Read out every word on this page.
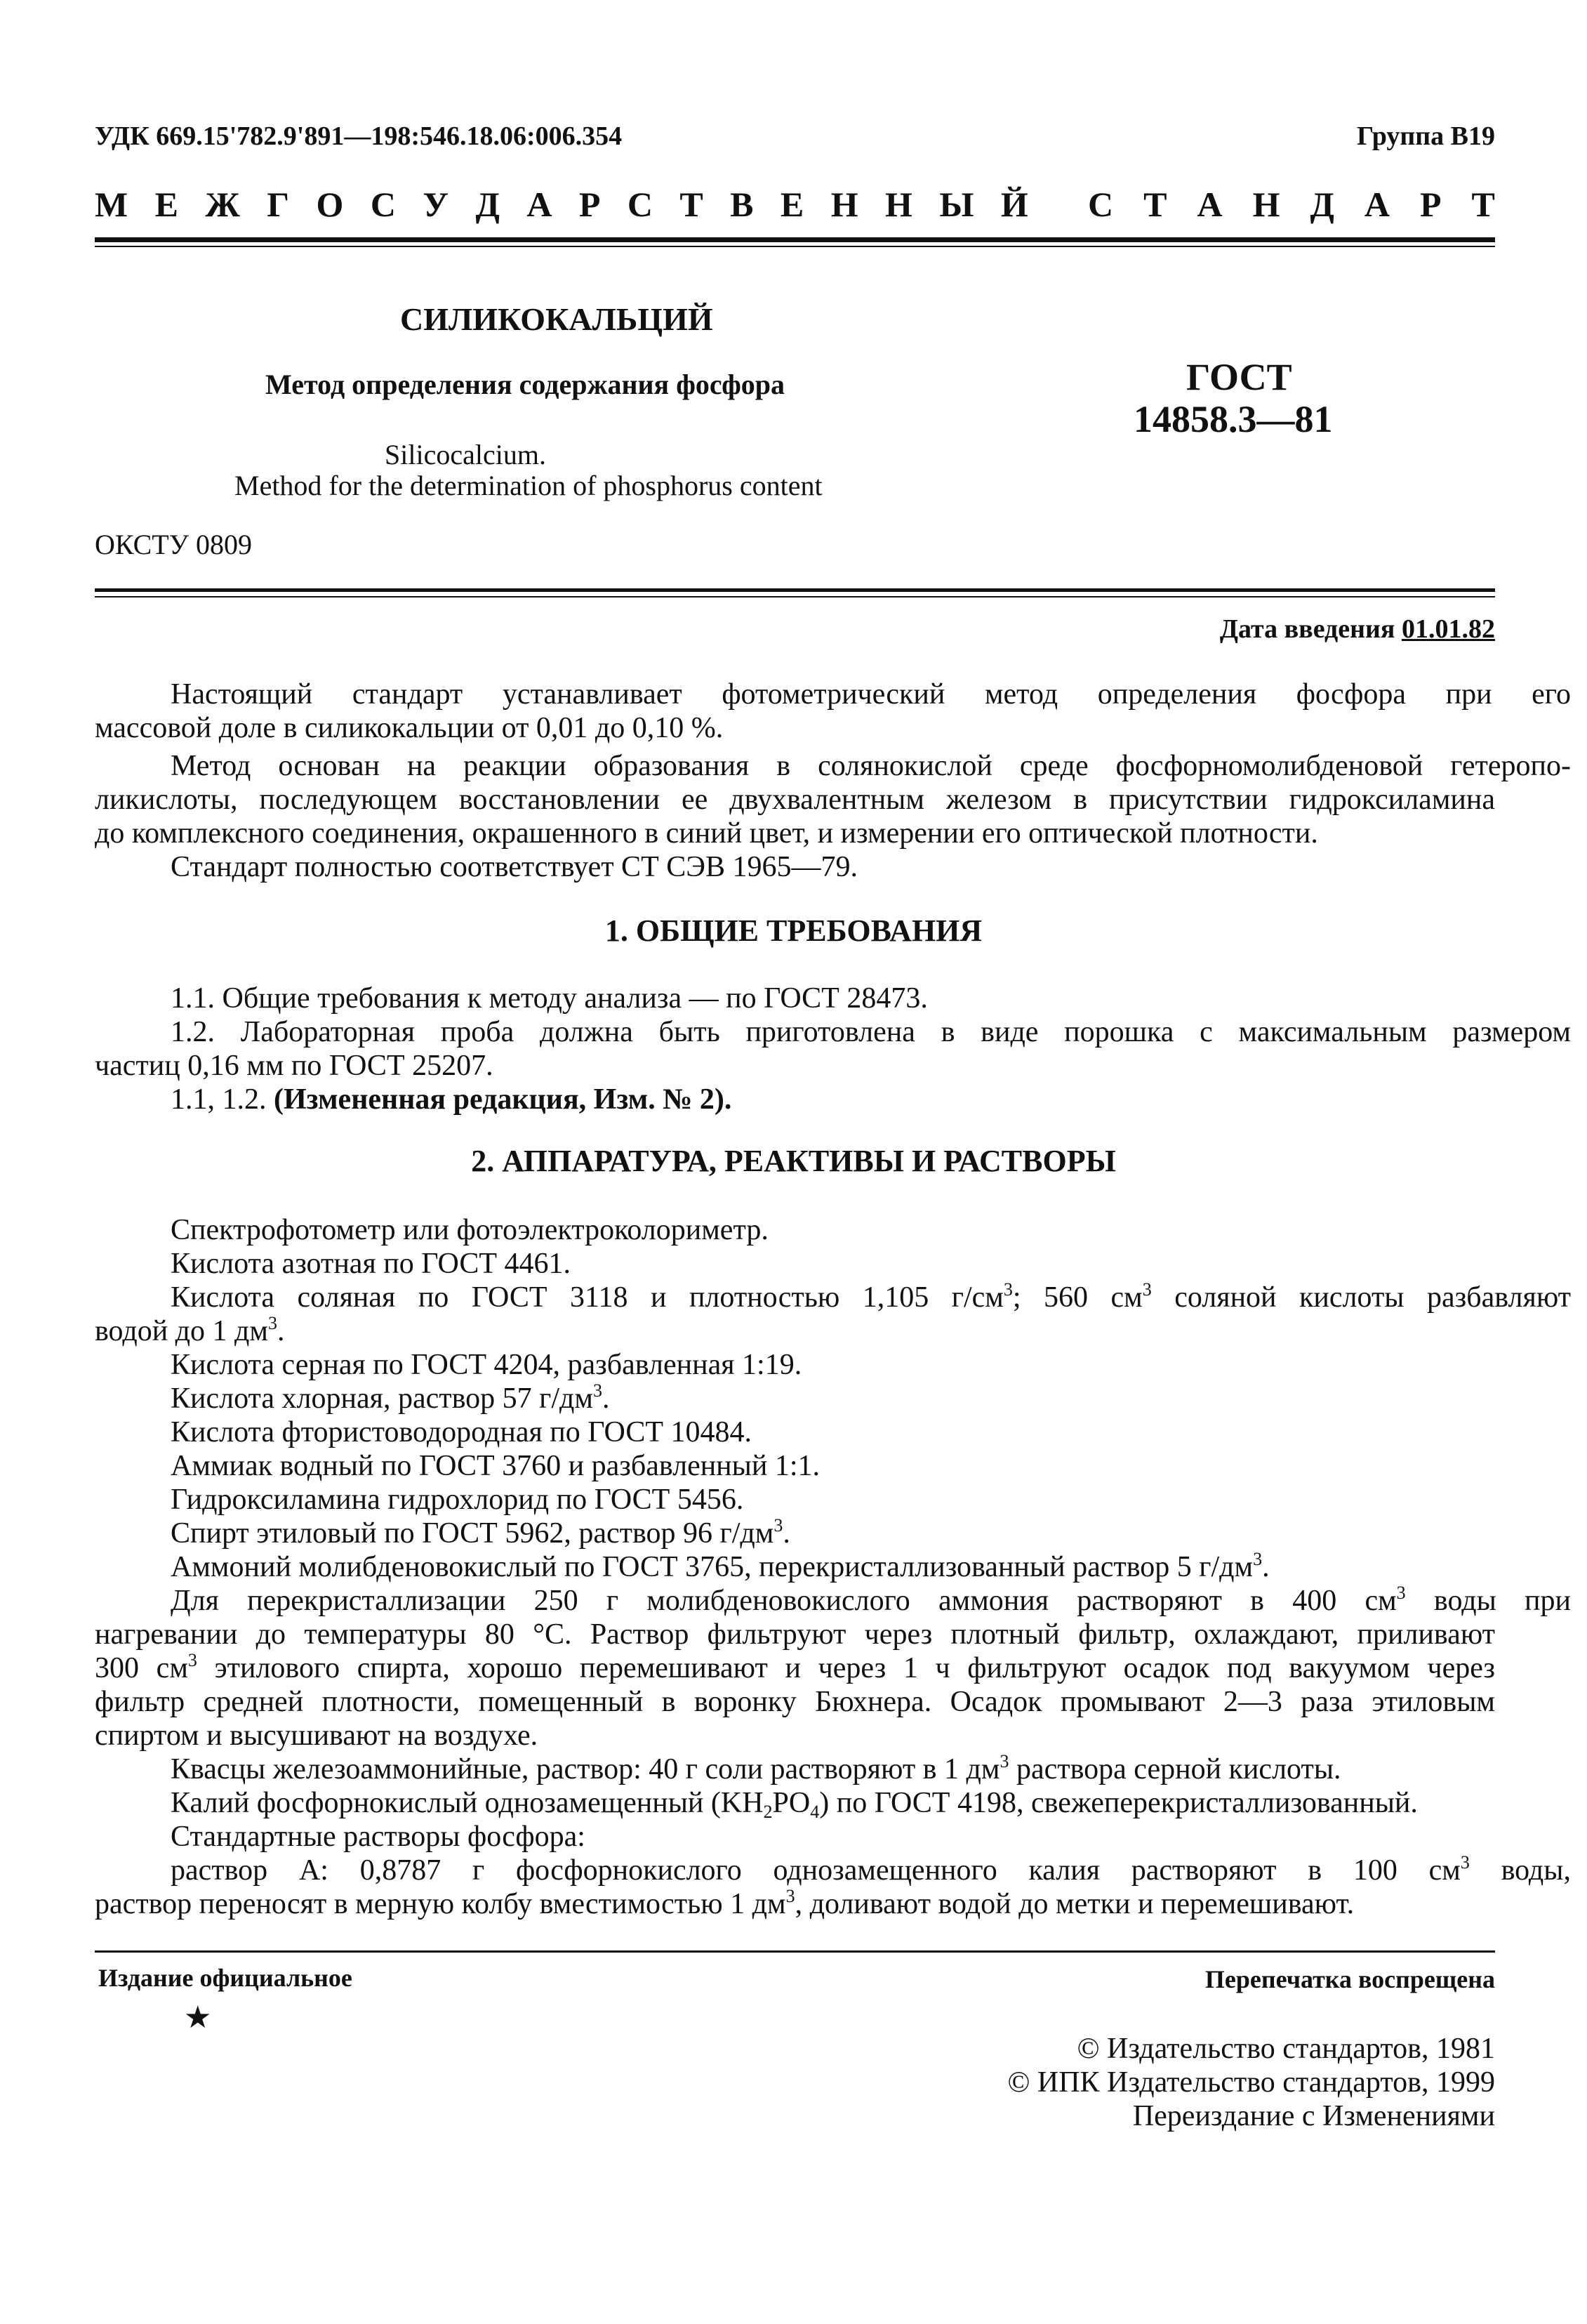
УДК 669.15'782.9'891—198:546.18.06:006.354	Группа В19
М Е Ж Г О С У Д А Р С Т В Е Н Н Ы Й С Т А Н Д А Р Т
СИЛИКОКАЛЬЦИЙ
Метод определения содержания фосфора
Silicocalcium.
Method for the determination of phosphorus content
ГОСТ
14858.3—81
ОКСТУ 0809
Дата введения 01.01.82
Настоящий стандарт устанавливает фотометрический метод определения фосфора при его
массовой доле в силикокальции от 0,01 до 0,10 %.
Метод основан на реакции образования в солянокислой среде фосфорномолибденовой гетеропо-
ликислоты, последующем восстановлении ее двухвалентным железом в присутствии гидроксиламина
до комплексного соединения, окрашенного в синий цвет, и измерении его оптической плотности.
Стандарт полностью соответствует СТ СЭВ 1965—79.
1. ОБЩИЕ ТРЕБОВАНИЯ
1.1. Общие требования к методу анализа — по ГОСТ 28473.
1.2. Лабораторная проба должна быть приготовлена в виде порошка с максимальным размером
частиц 0,16 мм по ГОСТ 25207.
1.1, 1.2. (Измененная редакция, Изм. № 2).
2. АППАРАТУРА, РЕАКТИВЫ И РАСТВОРЫ
Спектрофотометр или фотоэлектроколориметр.
Кислота азотная по ГОСТ 4461.
Кислота соляная по ГОСТ 3118 и плотностью 1,105 $г/см^3$; 560 $см^3$ соляной кислоты разбавляют
водой до 1 $дм^3$.
Кислота серная по ГОСТ 4204, разбавленная 1:19.
Кислота хлорная, раствор 57 $г/дм^3$.
Кислота фтористоводородная по ГОСТ 10484.
Аммиак водный по ГОСТ 3760 и разбавленный 1:1.
Гидроксиламина гидрохлорид по ГОСТ 5456.
Спирт этиловый по ГОСТ 5962, раствор 96 $г/дм^3$.
Аммоний молибденовокислый по ГОСТ 3765, перекристаллизованный раствор 5 $г/дм^3$.
Для перекристаллизации 250 г молибденовокислого аммония растворяют в 400 $см^3$ воды при
нагревании до температуры 80 °С. Раствор фильтруют через плотный фильтр, охлаждают, приливают
300 $см^3$ этилового спирта, хорошо перемешивают и через 1 ч фильтруют осадок под вакуумом через
фильтр средней плотности, помещенный в воронку Бюхнера. Осадок промывают 2—3 раза этиловым
спиртом и высушивают на воздухе.
Квасцы железоаммонийные, раствор: 40 г соли растворяют в 1 $дм^3$ раствора серной кислоты.
Калий фосфорнокислый однозамещенный $(KH_2PO_4)$ по ГОСТ 4198, свежеперекристаллизованный.
Стандартные растворы фосфора:
раствор А: 0,8787 г фосфорнокислого однозамещенного калия растворяют в 100 $см^3$ воды,
раствор переносят в мерную колбу вместимостью 1 $дм^3$, доливают водой до метки и перемешивают.
Издание официальное	Перепечатка воспрещена
★
© Издательство стандартов, 1981
© ИПК Издательство стандартов, 1999
Переиздание с Изменениями
